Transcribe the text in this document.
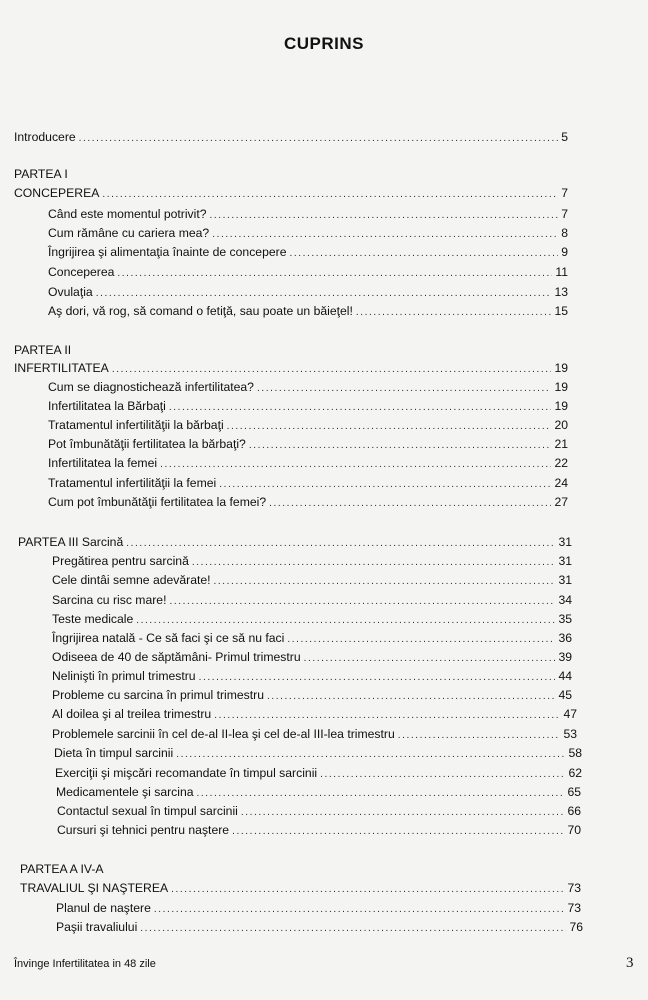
CUPRINS
Introducere .....	5
PARTEA I
CONCEPEREA .....	7
Când este momentul potrivit? .....	7
Cum rămâne cu cariera mea? .....	8
Îngrijirea şi alimentaţia înainte de concepere .....	9
Conceperea .....	11
Ovulaţia .....	13
Aş dori, vă rog, să comand o fetiţă, sau poate un băieţel! .....	15
PARTEA II
INFERTILITATEA .....	19
Cum se diagnostichează infertilitatea? .....	19
Infertilitatea la Bărbaţi .....	19
Tratamentul infertilităţii la bărbaţi .....	20
Pot îmbunătăţii fertilitatea la bărbaţi? .....	21
Infertilitatea la femei .....	22
Tratamentul infertilităţii la femei .....	24
Cum pot îmbunătăţii fertilitatea la femei? .....	27
PARTEA III Sarcină .....	31
Pregătirea pentru sarcină .....	31
Cele dintâi semne adevărate! .....	31
Sarcina cu risc mare! .....	34
Teste medicale .....	35
Îngrijirea natală - Ce să faci şi ce să nu faci .....	36
Odiseea de 40 de săptămâni- Primul trimestru .....	39
Nelinişti în primul trimestru .....	44
Probleme cu sarcina în primul trimestru .....	45
Al doilea şi al treilea trimestru .....	47
Problemele sarcinii în cel de-al II-lea şi cel de-al III-lea trimestru .....	53
Dieta în timpul sarcinii .....	58
Exerciţii şi mişcări recomandate în timpul sarcinii .....	62
Medicamentele şi sarcina .....	65
Contactul sexual în timpul sarcinii .....	66
Cursuri şi tehnici pentru naştere .....	70
PARTEA A IV-A
TRAVALIUL ŞI NAŞTEREA .....	73
Planul de naştere .....	73
Paşii travaliului .....	76
Învinge Infertilitatea in 48 zile	3
